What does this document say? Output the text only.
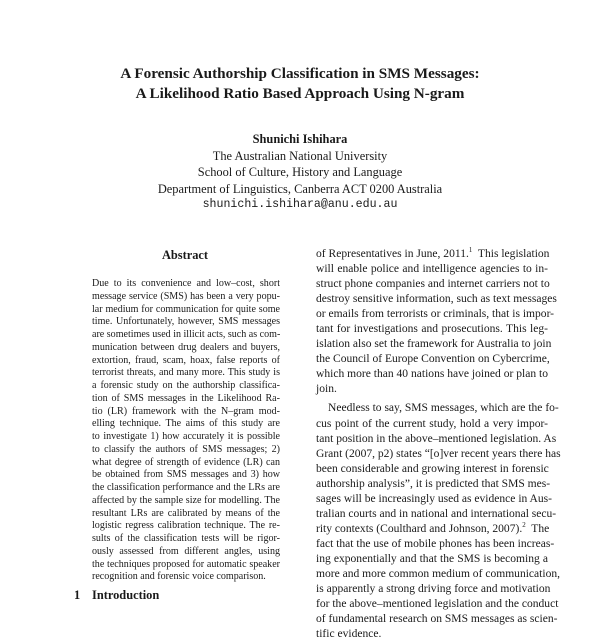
A Forensic Authorship Classification in SMS Messages:
A Likelihood Ratio Based Approach Using N-gram
Shunichi Ishihara
The Australian National University
School of Culture, History and Language
Department of Linguistics, Canberra ACT 0200 Australia
shunichi.ishihara@anu.edu.au
Abstract
Due to its convenience and low–cost, short
message service (SMS) has been a very popu-
lar medium for communication for quite some
time. Unfortunately, however, SMS messages
are sometimes used in illicit acts, such as com-
munication between drug dealers and buyers,
extortion, fraud, scam, hoax, false reports of
terrorist threats, and many more. This study is
a forensic study on the authorship classifica-
tion of SMS messages in the Likelihood Ra-
tio (LR) framework with the N–gram mod-
elling technique. The aims of this study are
to investigate 1) how accurately it is possible
to classify the authors of SMS messages; 2)
what degree of strength of evidence (LR) can
be obtained from SMS messages and 3) how
the classification performance and the LRs are
affected by the sample size for modelling. The
resultant LRs are calibrated by means of the
logistic regress calibration technique. The re-
sults of the classification tests will be rigor-
ously assessed from different angles, using
the techniques proposed for automatic speaker
recognition and forensic voice comparison.
of Representatives in June, 2011.$^1$  This legislation
will enable police and intelligence agencies to in-
struct phone companies and internet carriers not to
destroy sensitive information, such as text messages
or emails from terrorists or criminals, that is impor-
tant for investigations and prosecutions. This leg-
islation also set the framework for Australia to join
the Council of Europe Convention on Cybercrime,
which more than 40 nations have joined or plan to
join.
Needless to say, SMS messages, which are the fo-
cus point of the current study, hold a very impor-
tant position in the above–mentioned legislation. As
Grant (2007, p2) states “[o]ver recent years there has
been considerable and growing interest in forensic
authorship analysis”, it is predicted that SMS mes-
sages will be increasingly used as evidence in Aus-
tralian courts and in national and international secu-
rity contexts (Coulthard and Johnson, 2007).$^2$  The
fact that the use of mobile phones has been increas-
ing exponentially and that the SMS is becoming a
more and more common medium of communication,
is apparently a strong driving force and motivation
for the above–mentioned legislation and the conduct
of fundamental research on SMS messages as scien-
tific evidence.
1 Introduction
